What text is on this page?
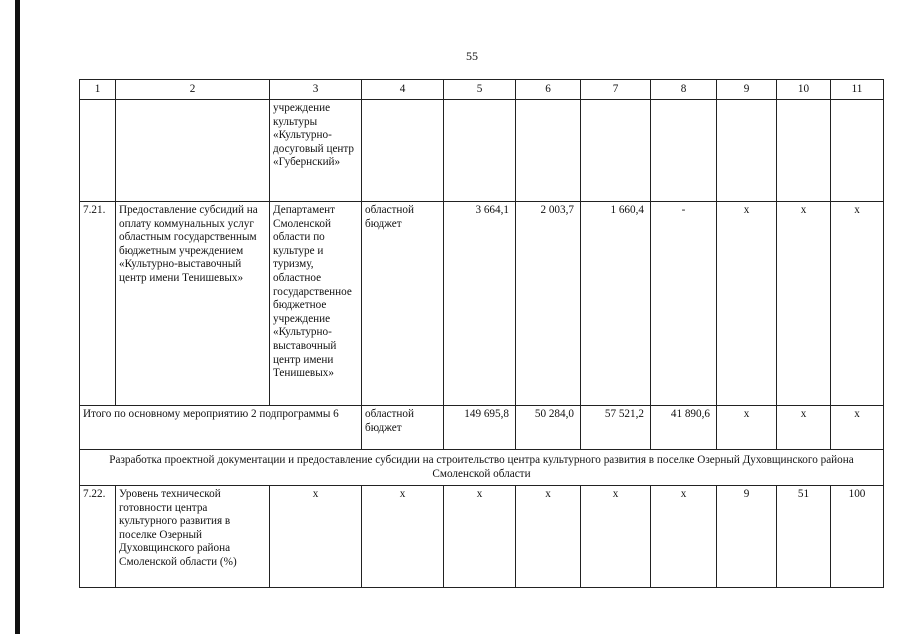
55
1	2	3	4	5	6	7	8	9	10	11
		учреждение культуры «Культурно-досуговый центр «Губернский»								
7.21.	Предоставление субсидий на оплату коммунальных услуг областным государственным бюджетным учреждением «Культурно-выставочный центр имени Тенишевых»	Департамент Смоленской области по культуре и туризму, областное государственное бюджетное учреждение «Культурно-выставочный центр имени Тенишевых»	областной бюджет	3 664,1	2 003,7	1 660,4	-	x	x	x
Итого по основному мероприятию 2 подпрограммы 6			областной бюджет	149 695,8	50 284,0	57 521,2	41 890,6	x	x	x
Разработка проектной документации и предоставление субсидии на строительство центра культурного развития в поселке Озерный Духовщинского района Смоленской области										
7.22.	Уровень технической готовности центра культурного развития в поселке Озерный Духовщинского района Смоленской области (%)	x	x	x	x	x	x	9	51	100
